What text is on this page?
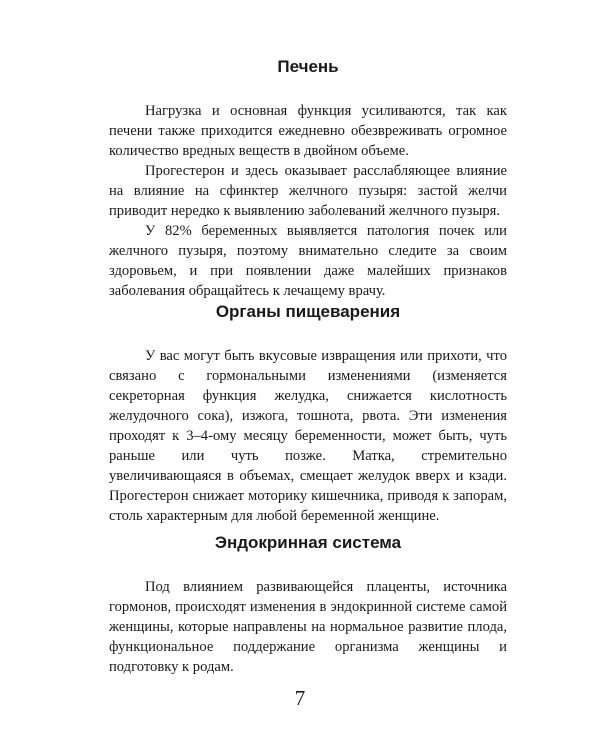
Печень

Нагрузка и основная функция усиливаются, так как печени также приходится ежедневно обезвреживать огромное количество вредных веществ в двойном объеме.

Прогестерон и здесь оказывает расслабляющее влияние на влияние на сфинктер желчного пузыря: застой желчи приводит нередко к выявлению заболеваний желчного пузыря.

У 82% беременных выявляется патология почек или желчного пузыря, поэтому внимательно следите за своим здоровьем, и при появлении даже малейших признаков заболевания обращайтесь к лечащему врачу.

Органы пищеварения

У вас могут быть вкусовые извращения или прихоти, что связано с гормональными изменениями (изменяется секреторная функция желудка, снижается кислотность желудочного сока), изжога, тошнота, рвота. Эти изменения проходят к 3–4-ому месяцу беременности, может быть, чуть раньше или чуть позже. Матка, стремительно увеличивающаяся в объемах, смещает желудок вверх и кзади. Прогестерон снижает моторику кишечника, приводя к запорам, столь характерным для любой беременной женщине.

Эндокринная система

Под влиянием развивающейся плаценты, источника гормонов, происходят изменения в эндокринной системе самой женщины, которые направлены на нормальное развитие плода, функциональное поддержание организма женщины и подготовку к родам.

7
